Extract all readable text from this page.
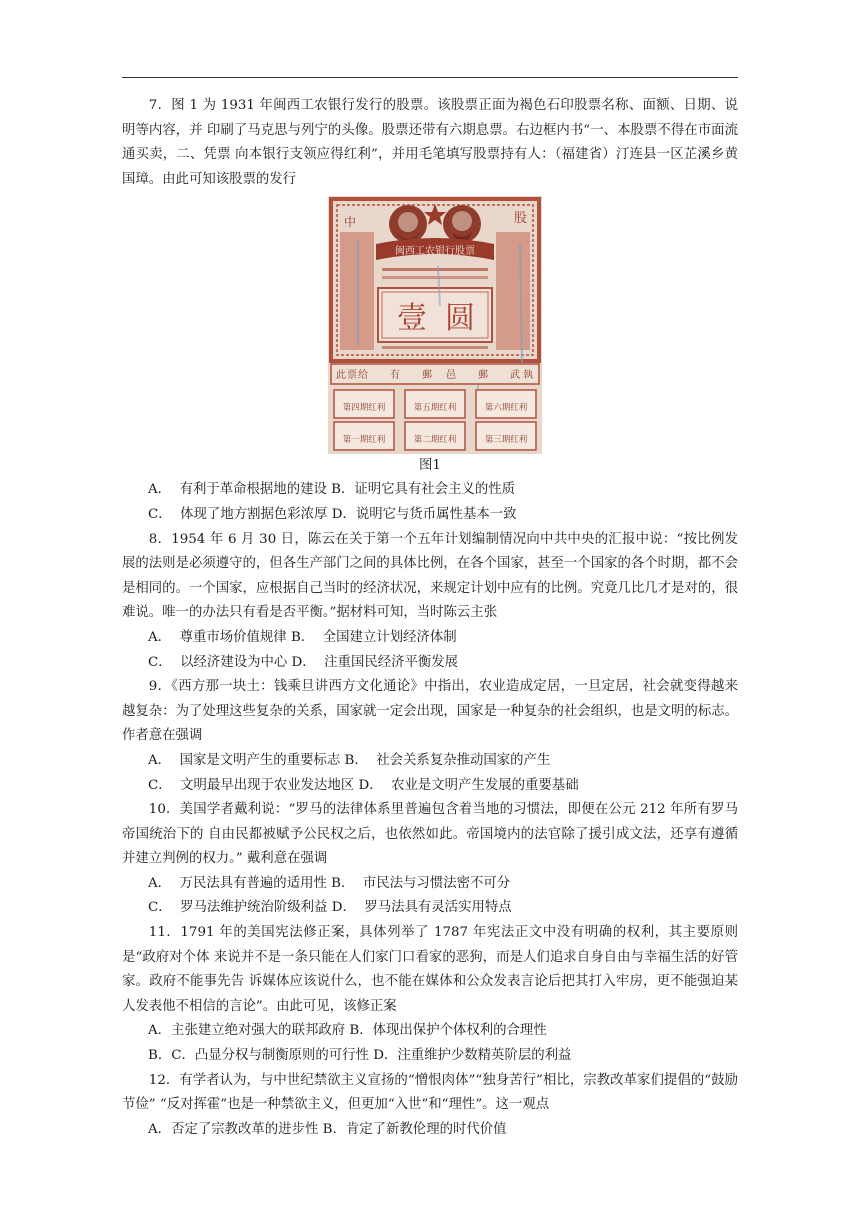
7．图 1 为 1931 年闽西工农银行发行的股票。该股票正面为褐色石印股票名称、面额、日期、说明等内容，并 印刷了马克思与列宁的头像。股票还带有六期息票。右边框内书“一、本股票不得在市面流通买卖，二、凭票 向本银行支领应得红利”，并用毛笔填写股票持有人：（福建省）汀连县一区芷溪乡黄国璋。由此可知该股票的发行

中	股
闽西工农银行股票
壹 圆
此 票 给 有 郵 邑 郵 武 執
第四期红利	第五期红利	第六期红利
第一期红利	第二期红利	第三期红利

图1

A．  有利于革命根据地的建设 B．证明它具有社会主义的性质

C．  体现了地方割据色彩浓厚 D．说明它与货币属性基本一致

8．1954 年 6 月 30 日，陈云在关于第一个五年计划编制情况向中共中央的汇报中说：“按比例发展的法则是必须遵守的，但各生产部门之间的具体比例，在各个国家，甚至一个国家的各个时期，都不会是相同的。一个国家，应根据自己当时的经济状况，来规定计划中应有的比例。究竟几比几才是对的，很难说。唯一的办法只有看是否平衡。”据材料可知，当时陈云主张

A．  尊重市场价值规律 B．  全国建立计划经济体制

C．  以经济建设为中心 D．  注重国民经济平衡发展

9．《西方那一块土：钱乘旦讲西方文化通论》中指出，农业造成定居，一旦定居，社会就变得越来越复杂：为了处理这些复杂的关系，国家就一定会出现，国家是一种复杂的社会组织，也是文明的标志。作者意在强调

A．  国家是文明产生的重要标志 B．  社会关系复杂推动国家的产生

C．  文明最早出现于农业发达地区 D．  农业是文明产生发展的重要基础

10．美国学者戴利说：“罗马的法律体系里普遍包含着当地的习惯法，即便在公元 212 年所有罗马帝国统治下的 自由民都被赋予公民权之后，也依然如此。帝国境内的法官除了援引成文法，还享有遵循并建立判例的权力。” 戴利意在强调

A．  万民法具有普遍的适用性 B．  市民法与习惯法密不可分

C．  罗马法维护统治阶级利益 D．  罗马法具有灵活实用特点

11．1791 年的美国宪法修正案，具体列举了 1787 年宪法正文中没有明确的权利，其主要原则是“政府对个体 来说并不是一条只能在人们家门口看家的恶狗，而是人们追求自身自由与幸福生活的好管家。政府不能事先告 诉媒体应该说什么，也不能在媒体和公众发表言论后把其打入牢房，更不能强迫某人发表他不相信的言论”。由此可见，该修正案

A．主张建立绝对强大的联邦政府 B．体现出保护个体权利的合理性

B．C．凸显分权与制衡原则的可行性 D．注重维护少数精英阶层的利益

12．有学者认为，与中世纪禁欲主义宣扬的“憎恨肉体”“独身苦行”相比，宗教改革家们提倡的“鼓励节俭” “反对挥霍”也是一种禁欲主义，但更加“入世”和“理性”。这一观点

A．否定了宗教改革的进步性 B．肯定了新教伦理的时代价值
